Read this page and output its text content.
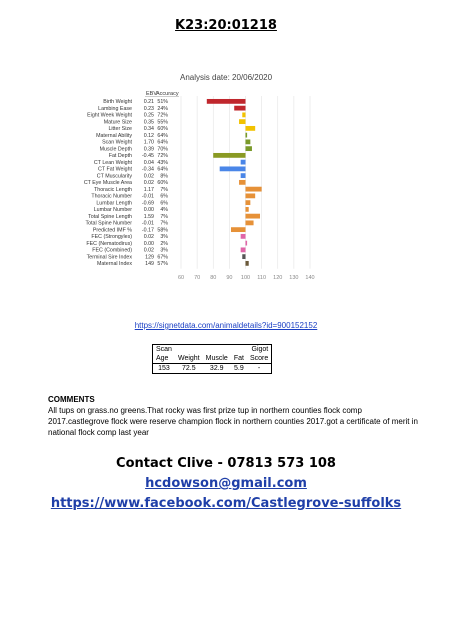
K23:20:01218
Analysis date: 20/06/2020
60 70 80 90 100 110 120 130 140
EBV
Accuracy
Birth Weight 0.21 51%
Lambing Ease 0.23 24%
Eight Week Weight 0.25 72%
Mature Size 0.35 55%
Litter Size 0.34 60%
Maternal Ability 0.12 64%
Scan Weight 1.70 64%
Muscle Depth 0.39 70%
Fat Depth -0.45 72%
CT Lean Weight 0.04 43%
CT Fat Weight -0.34 64%
CT Muscularity 0.02 8%
CT Eye Muscle Area 0.02 60%
Thoracic Length 1.17 7%
Thoracic Number -0.01 6%
Lumbar Length -0.69 6%
Lumbar Number 0.00 4%
Total Spine Length 1.59 7%
Total Spine Number -0.01 7%
Predicted IMF % -0.17 58%
FEC (Strongyles) 0.02 3%
FEC (Nematodirus) 0.00 2%
FEC (Combined) 0.02 3%
Terminal Sire Index 129 67%
Maternal Index 149 57%
https://signetdata.com/animaldetails?id=900152152
Scan				Gigot
Age	Weight	Muscle	Fat	Score
153	72.5	32.9	5.9	-
COMMENTS
All tups on grass.no greens.That rocky was first prize tup in northern counties flock comp 2017.castlegrove flock were reserve champion flock in northern counties 2017.got a certificate of merit in national flock comp last year
Contact Clive - 07813 573 108
hcdowson@gmail.com
https://www.facebook.com/Castlegrove-suffolks
